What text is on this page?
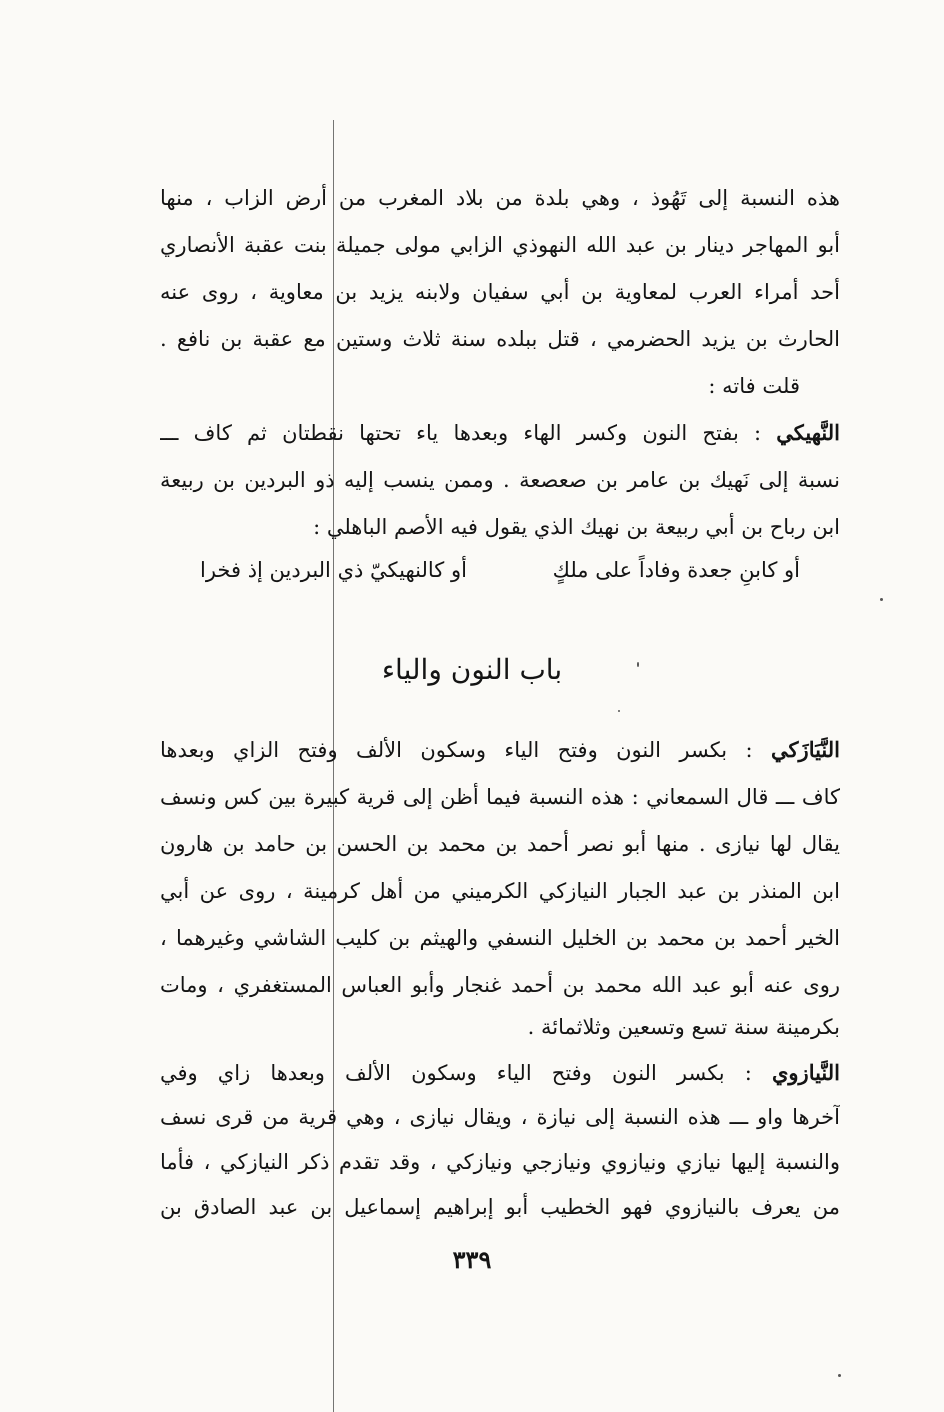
هذه النسبة إلى تَهُوذ ، وهي بلدة من بلاد المغرب من أرض الزاب ، منها
أبو المهاجر دينار بن عبد الله النهوذي الزابي مولى جميلة بنت عقبة الأنصاري
أحد أمراء العرب لمعاوية بن أبي سفيان ولابنه يزيد بن معاوية ، روى عنه
الحارث بن يزيد الحضرمي ، قتل ببلده سنة ثلاث وستين مع عقبة بن نافع .
قلت فاته :
النَّهيكي : بفتح النون وكسر الهاء وبعدها ياء تحتها نقطتان ثم كاف ـــ
نسبة إلى نَهيك بن عامر بن صعصعة . وممن ينسب إليه ذو البردين بن ربيعة
ابن رباح بن أبي ربيعة بن نهيك الذي يقول فيه الأصم الباهلي :
أو كابنِ جعدة وفاداً على ملكٍ
أو كالنهيكيّ ذي البردين إذ فخرا
باب النون والياء
النَّيَازَكي : بكسر النون وفتح الياء وسكون الألف وفتح الزاي وبعدها
كاف ـــ قال السمعاني : هذه النسبة فيما أظن إلى قرية كبيرة بين كس ونسف
يقال لها نيازى . منها أبو نصر أحمد بن محمد بن الحسن بن حامد بن هارون
ابن المنذر بن عبد الجبار النيازكي الكرميني من أهل كرمينة ، روى عن أبي
الخير أحمد بن محمد بن الخليل النسفي والهيثم بن كليب الشاشي وغيرهما ،
روى عنه أبو عبد الله محمد بن أحمد غنجار وأبو العباس المستغفري ، ومات
بكرمينة سنة تسع وتسعين وثلاثمائة .
النَّيازوي : بكسر النون وفتح الياء وسكون الألف وبعدها زاي وفي
آخرها واو ـــ هذه النسبة إلى نيازة ، ويقال نيازى ، وهي قرية من قرى نسف
والنسبة إليها نيازي ونيازوي ونيازجي ونيازكي ، وقد تقدم ذكر النيازكي ، فأما
من يعرف بالنيازوي فهو الخطيب أبو إبراهيم إسماعيل بن عبد الصادق بن
٣٣٩
